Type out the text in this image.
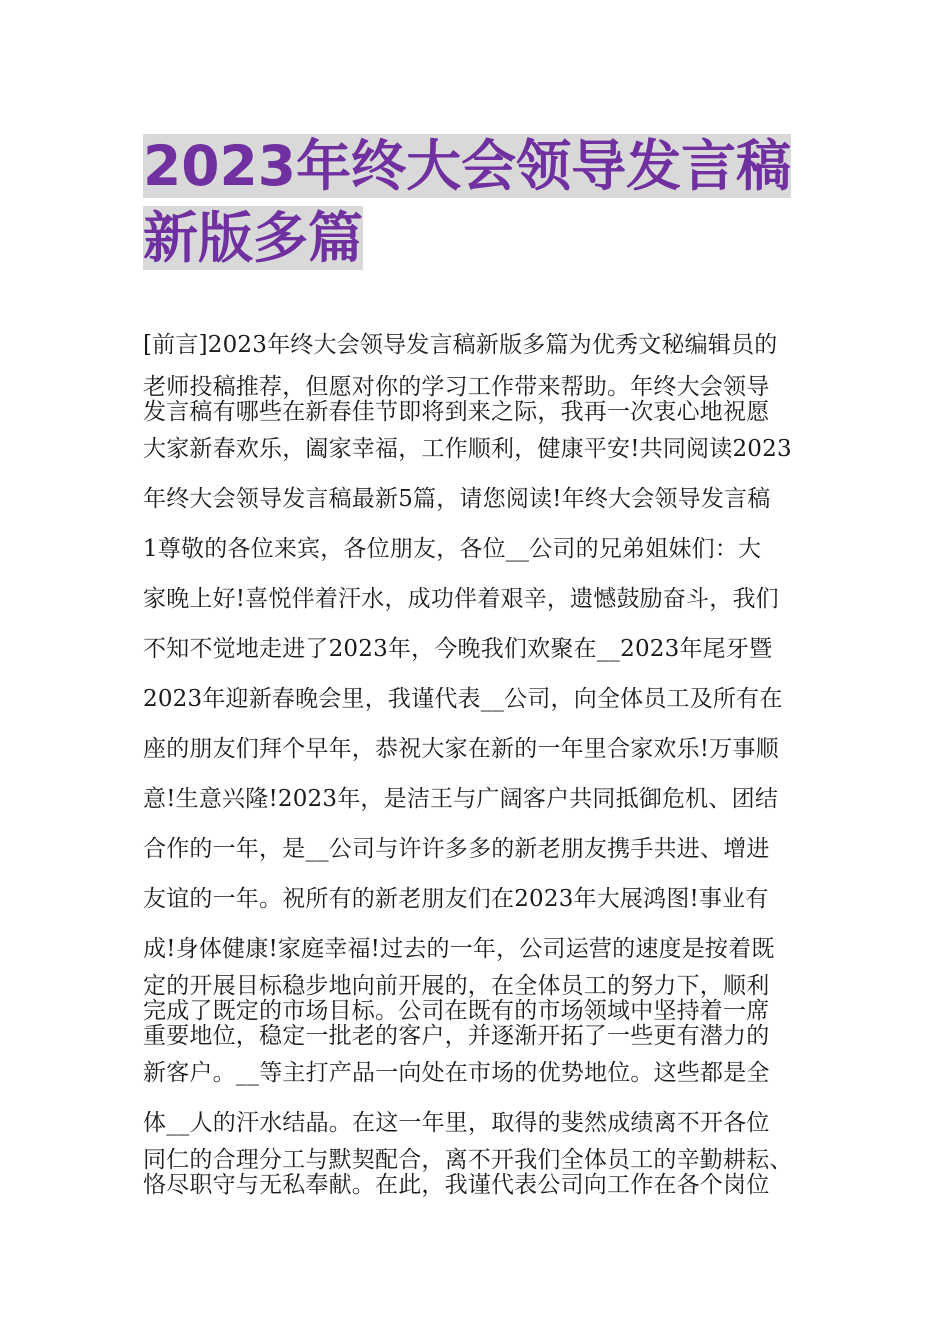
2023年终大会领导发言稿
新版多篇
[前言]2023年终大会领导发言稿新版多篇为优秀文秘编辑员的
老师投稿推荐，但愿对你的学习工作带来帮助。年终大会领导
发言稿有哪些在新春佳节即将到来之际，我再一次衷心地祝愿
大家新春欢乐，阖家幸福，工作顺利，健康平安!共同阅读2023
年终大会领导发言稿最新5篇，请您阅读!年终大会领导发言稿
1尊敬的各位来宾，各位朋友，各位__公司的兄弟姐妹们：大
家晚上好!喜悦伴着汗水，成功伴着艰辛，遗憾鼓励奋斗，我们
不知不觉地走进了2023年，今晚我们欢聚在__2023年尾牙暨
2023年迎新春晚会里，我谨代表__公司，向全体员工及所有在
座的朋友们拜个早年，恭祝大家在新的一年里合家欢乐!万事顺
意!生意兴隆!2023年，是洁王与广阔客户共同抵御危机、团结
合作的一年，是__公司与许许多多的新老朋友携手共进、增进
友谊的一年。祝所有的新老朋友们在2023年大展鸿图!事业有
成!身体健康!家庭幸福!过去的一年，公司运营的速度是按着既
定的开展目标稳步地向前开展的，在全体员工的努力下，顺利
完成了既定的市场目标。公司在既有的市场领域中坚持着一席
重要地位，稳定一批老的客户，并逐渐开拓了一些更有潜力的
新客户。__等主打产品一向处在市场的优势地位。这些都是全
体__人的汗水结晶。在这一年里，取得的斐然成绩离不开各位
同仁的合理分工与默契配合，离不开我们全体员工的辛勤耕耘、
恪尽职守与无私奉献。在此，我谨代表公司向工作在各个岗位
